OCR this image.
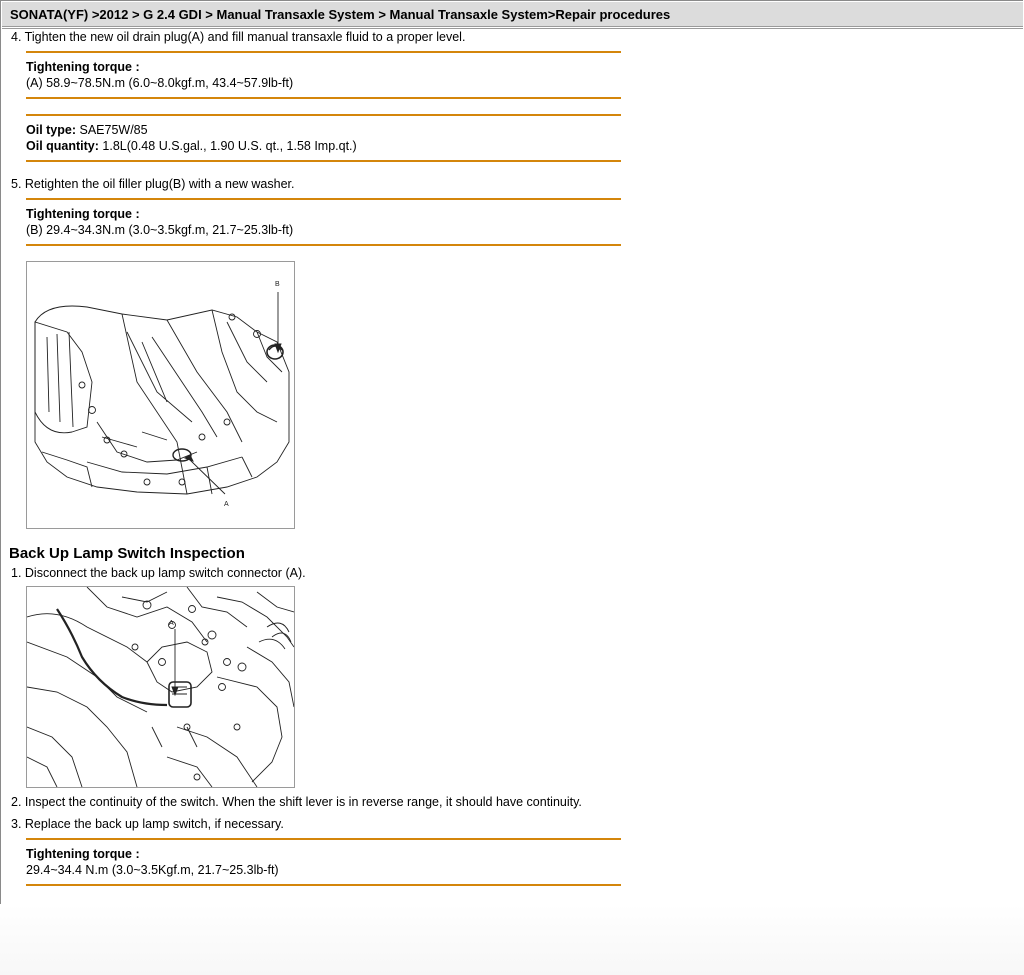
SONATA(YF) >2012 > G 2.4 GDI > Manual Transaxle System > Manual Transaxle System>Repair procedures
4. Tighten the new oil drain plug(A) and fill manual transaxle fluid to a proper level.
Tightening torque :
(A) 58.9~78.5N.m (6.0~8.0kgf.m, 43.4~57.9lb-ft)
Oil type: SAE75W/85
Oil quantity: 1.8L(0.48 U.S.gal., 1.90 U.S. qt., 1.58 Imp.qt.)
5. Retighten the oil filler plug(B) with a new washer.
Tightening torque :
(B) 29.4~34.3N.m (3.0~3.5kgf.m, 21.7~25.3lb-ft)
B
A
Back Up Lamp Switch Inspection
1. Disconnect the back up lamp switch connector (A).
A
2. Inspect the continuity of the switch. When the shift lever is in reverse range, it should have continuity.
3. Replace the back up lamp switch, if necessary.
Tightening torque :
29.4~34.4 N.m (3.0~3.5Kgf.m, 21.7~25.3lb-ft)
